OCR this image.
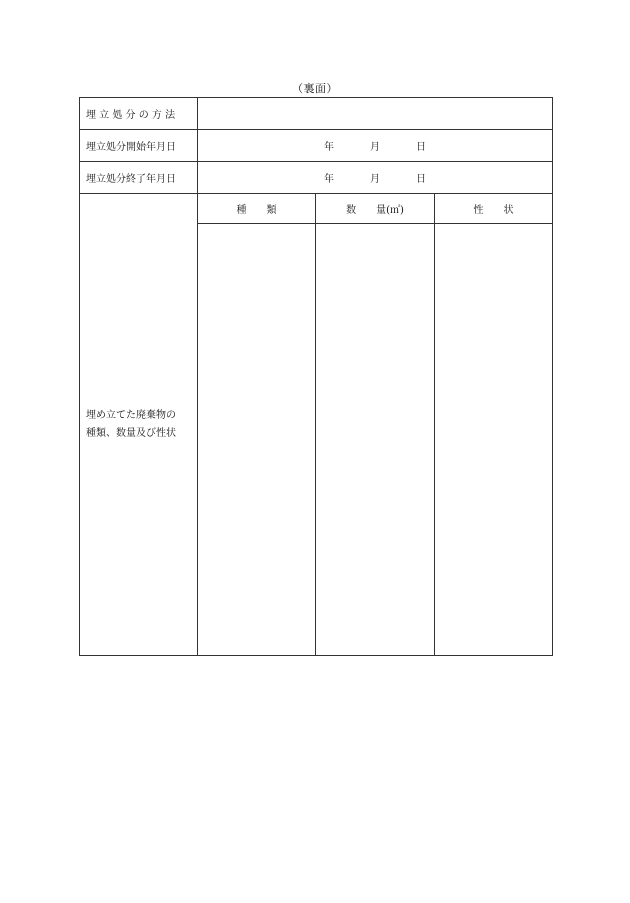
（裏面）
埋 立 処 分 の 方 法			
埋立処分開始年月日	年 月 日		

埋立処分終了年月日	年 月 日		

埋め立てた廃棄物の
種類、数量及び性状	種　　類	数　　量(㎥)	性　　状
